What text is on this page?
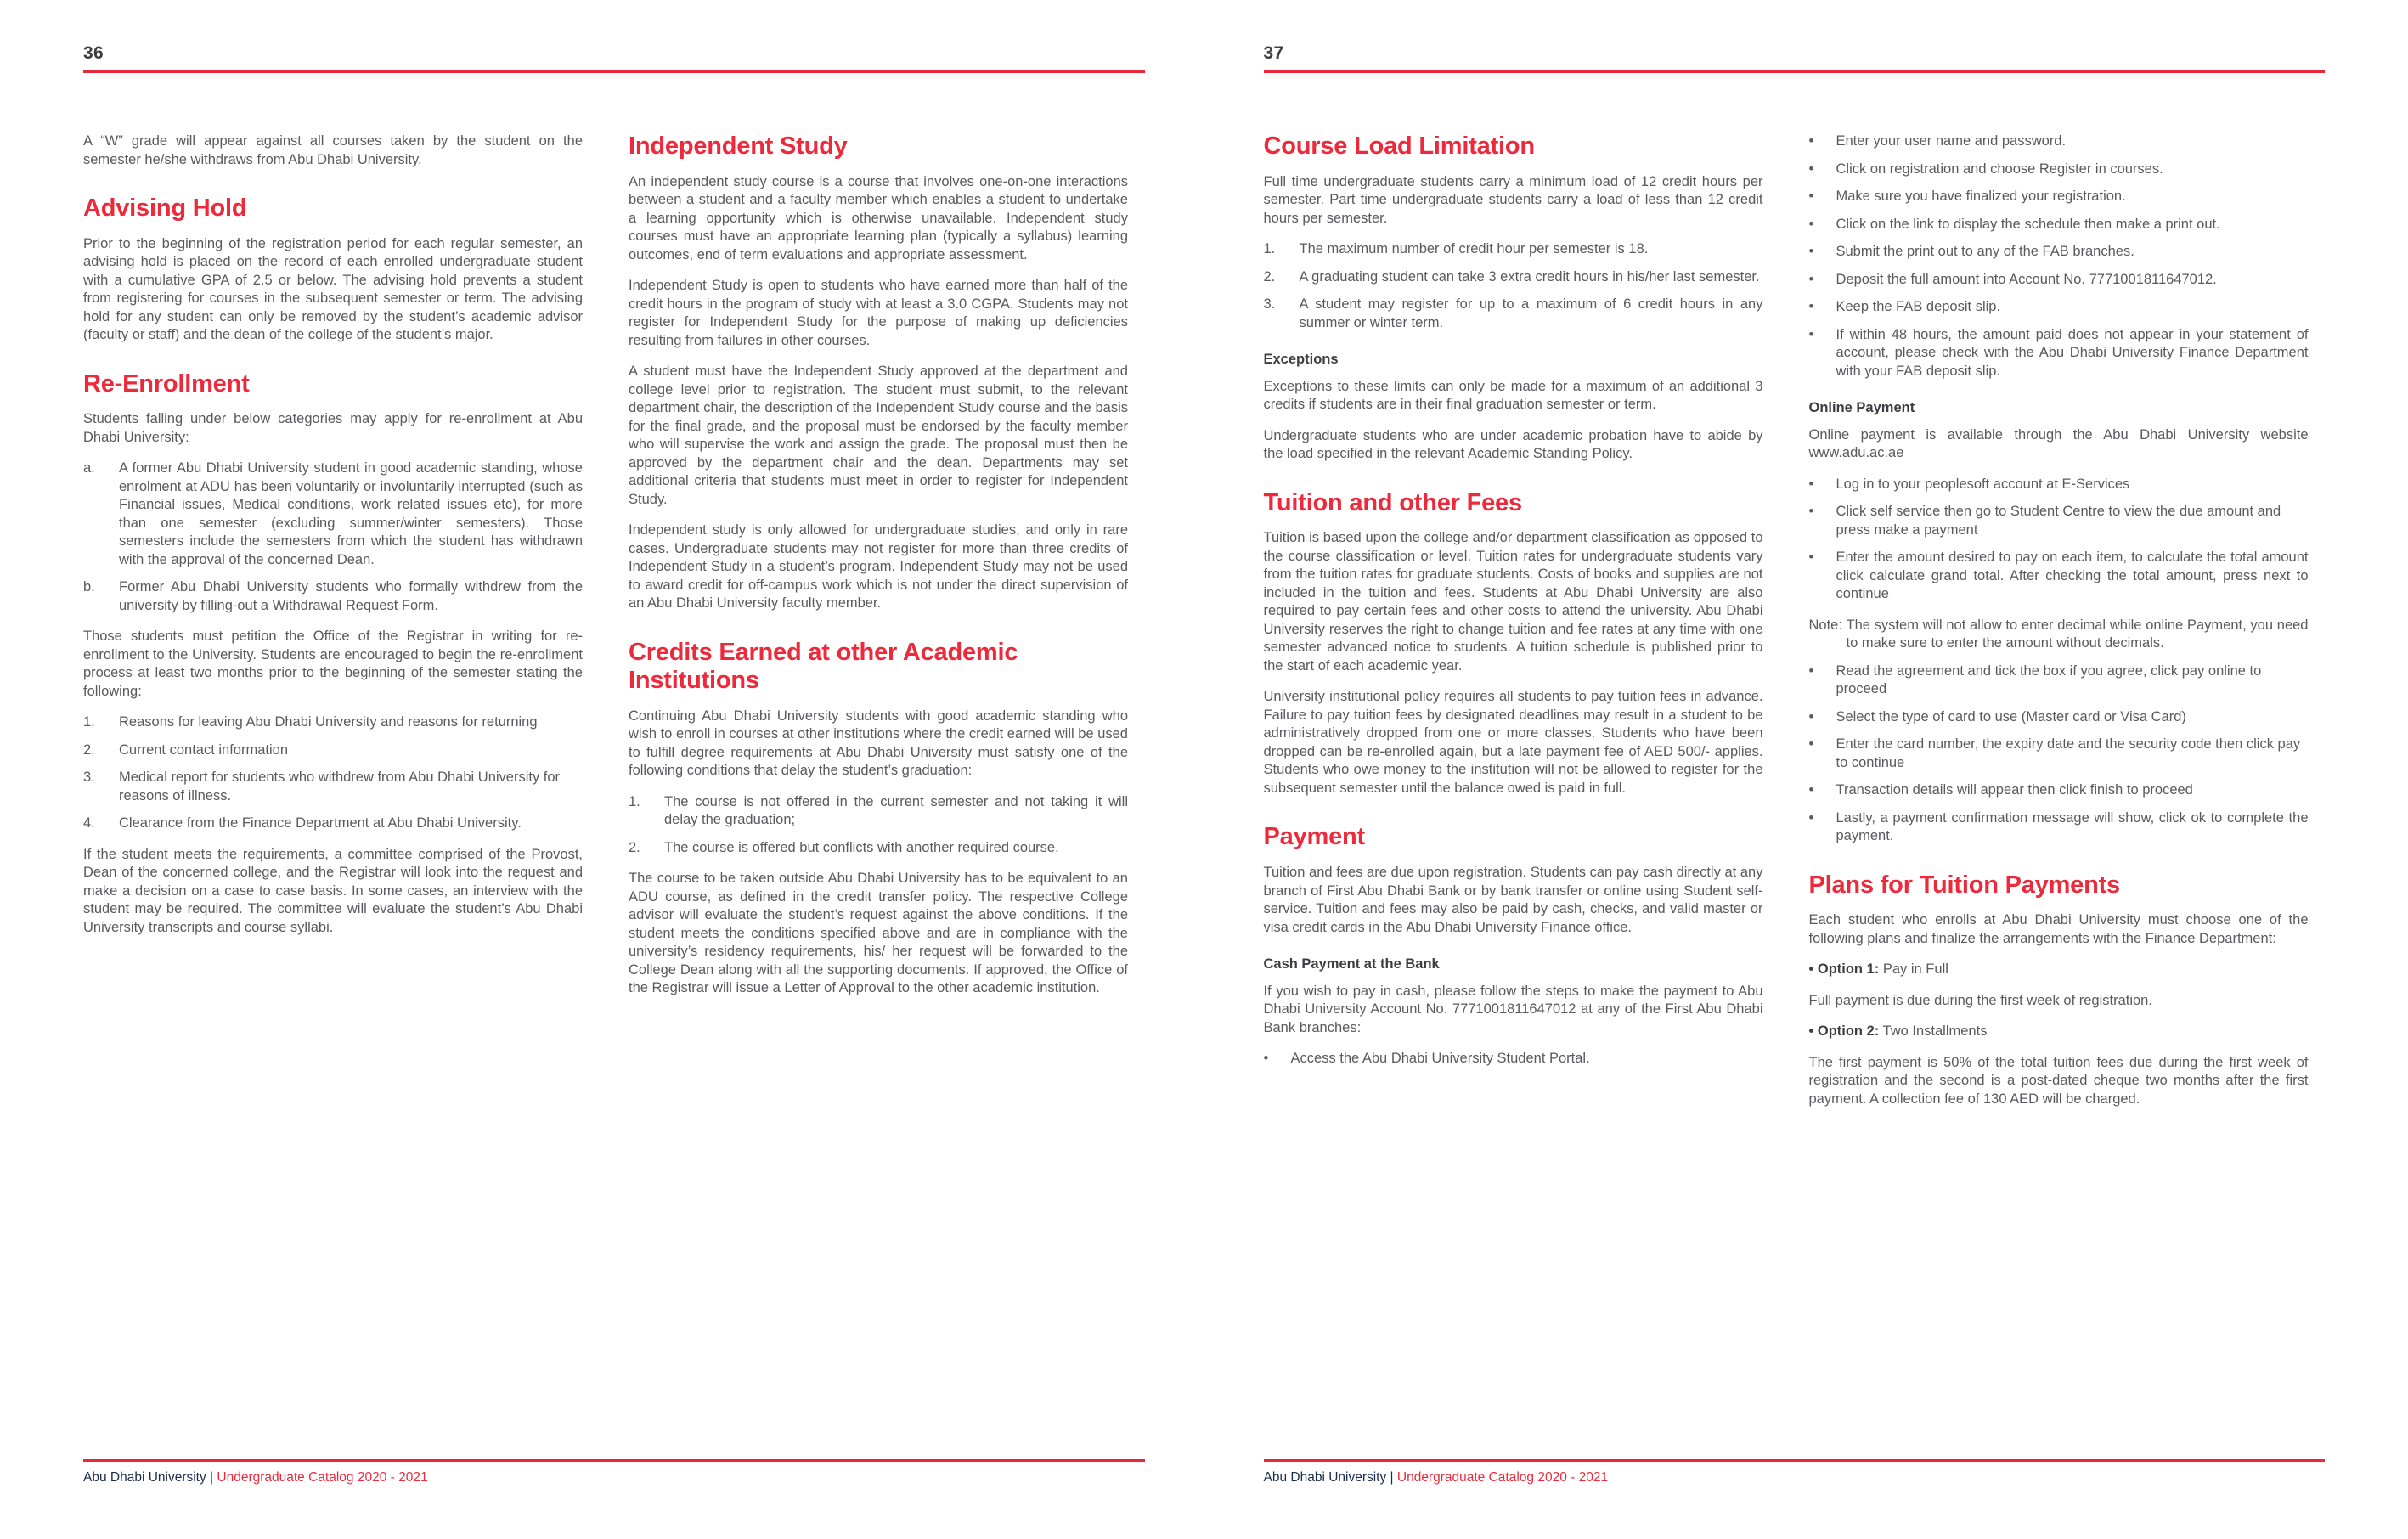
36

A “W” grade will appear against all courses taken by the student on the semester he/she withdraws from Abu Dhabi University.

Advising Hold

Prior to the beginning of the registration period for each regular semester, an advising hold is placed on the record of each enrolled undergraduate student with a cumulative GPA of 2.5 or below. The advising hold prevents a student from registering for courses in the subsequent semester or term. The advising hold for any student can only be removed by the student’s academic advisor (faculty or staff) and the dean of the college of the student’s major.

Re-Enrollment

Students falling under below categories may apply for re-enrollment at Abu Dhabi University:

a.	A former Abu Dhabi University student in good academic standing, whose enrolment at ADU has been voluntarily or involuntarily interrupted (such as Financial issues, Medical conditions, work related issues etc), for more than one semester (excluding summer/winter semesters). Those semesters include the semesters from which the student has withdrawn with the approval of the concerned Dean.
b.	Former Abu Dhabi University students who formally withdrew from the university by filling-out a Withdrawal Request Form.

Those students must petition the Office of the Registrar in writing for re-enrollment to the University. Students are encouraged to begin the re-enrollment process at least two months prior to the beginning of the semester stating the following:

1.	Reasons for leaving Abu Dhabi University and reasons for returning
2.	Current contact information
3.	Medical report for students who withdrew from Abu Dhabi University for reasons of illness.
4.	Clearance from the Finance Department at Abu Dhabi University.

If the student meets the requirements, a committee comprised of the Provost, Dean of the concerned college, and the Registrar will look into the request and make a decision on a case to case basis. In some cases, an interview with the student may be required. The committee will evaluate the student’s Abu Dhabi University transcripts and course syllabi.

Independent Study

An independent study course is a course that involves one-on-one interactions between a student and a faculty member which enables a student to undertake a learning opportunity which is otherwise unavailable. Independent study courses must have an appropriate learning plan (typically a syllabus) learning outcomes, end of term evaluations and appropriate assessment.

Independent Study is open to students who have earned more than half of the credit hours in the program of study with at least a 3.0 CGPA. Students may not register for Independent Study for the purpose of making up deficiencies resulting from failures in other courses.

A student must have the Independent Study approved at the department and college level prior to registration. The student must submit, to the relevant department chair, the description of the Independent Study course and the basis for the final grade, and the proposal must be endorsed by the faculty member who will supervise the work and assign the grade. The proposal must then be approved by the department chair and the dean. Departments may set additional criteria that students must meet in order to register for Independent Study.

Independent study is only allowed for undergraduate studies, and only in rare cases. Undergraduate students may not register for more than three credits of Independent Study in a student’s program. Independent Study may not be used to award credit for off-campus work which is not under the direct supervision of an Abu Dhabi University faculty member.

Credits Earned at other Academic Institutions

Continuing Abu Dhabi University students with good academic standing who wish to enroll in courses at other institutions where the credit earned will be used to fulfill degree requirements at Abu Dhabi University must satisfy one of the following conditions that delay the student’s graduation:

1.	The course is not offered in the current semester and not taking it will delay the graduation;
2.	The course is offered but conflicts with another required course.

The course to be taken outside Abu Dhabi University has to be equivalent to an ADU course, as defined in the credit transfer policy. The respective College advisor will evaluate the student’s request against the above conditions. If the student meets the conditions specified above and are in compliance with the university’s residency requirements, his/ her request will be forwarded to the College Dean along with all the supporting documents. If approved, the Office of the Registrar will issue a Letter of Approval to the other academic institution.

Abu Dhabi University | Undergraduate Catalog 2020 - 2021
37
Course Load Limitation

Full time undergraduate students carry a minimum load of 12 credit hours per semester. Part time undergraduate students carry a load of less than 12 credit hours per semester.

1.	The maximum number of credit hour per semester is 18.
2.	A graduating student can take 3 extra credit hours in his/her last semester.
3.	A student may register for up to a maximum of 6 credit hours in any summer or winter term.
Exceptions

Exceptions to these limits can only be made for a maximum of an additional 3 credits if students are in their final graduation semester or term.

Undergraduate students who are under academic probation have to abide by the load specified in the relevant Academic Standing Policy.

Tuition and other Fees

Tuition is based upon the college and/or department classification as opposed to the course classification or level. Tuition rates for undergraduate students vary from the tuition rates for graduate students. Costs of books and supplies are not included in the tuition and fees. Students at Abu Dhabi University are also required to pay certain fees and other costs to attend the university. Abu Dhabi University reserves the right to change tuition and fee rates at any time with one semester advanced notice to students. A tuition schedule is published prior to the start of each academic year.

University institutional policy requires all students to pay tuition fees in advance. Failure to pay tuition fees by designated deadlines may result in a student to be administratively dropped from one or more classes. Students who have been dropped can be re-enrolled again, but a late payment fee of AED 500/- applies. Students who owe money to the institution will not be allowed to register for the subsequent semester until the balance owed is paid in full.

Payment

Tuition and fees are due upon registration. Students can pay cash directly at any branch of First Abu Dhabi Bank or by bank transfer or online using Student self-service. Tuition and fees may also be paid by cash, checks, and valid master or visa credit cards in the Abu Dhabi University Finance office.

Cash Payment at the Bank

If you wish to pay in cash, please follow the steps to make the payment to Abu Dhabi University Account No. 7771001811647012 at any of the First Abu Dhabi Bank branches:

•	Access the Abu Dhabi University Student Portal.
•	Enter your user name and password.
•	Click on registration and choose Register in courses.
•	Make sure you have finalized your registration.
•	Click on the link to display the schedule then make a print out.
•	Submit the print out to any of the FAB branches.
•	Deposit the full amount into Account No. 7771001811647012.
•	Keep the FAB deposit slip.
•	If within 48 hours, the amount paid does not appear in your statement of account, please check with the Abu Dhabi University Finance Department with your FAB deposit slip.
Online Payment

Online payment is available through the Abu Dhabi University website www.adu.ac.ae

•	Log in to your peoplesoft account at E-Services
•	Click self service then go to Student Centre to view the due amount and press make a payment
•	Enter the amount desired to pay on each item, to calculate the total amount click calculate grand total. After checking the total amount, press next to continue
Note: The system will not allow to enter decimal while online Payment, you need to make sure to enter the amount without decimals.
•	Read the agreement and tick the box if you agree, click pay online to proceed
•	Select the type of card to use (Master card or Visa Card)
•	Enter the card number, the expiry date and the security code then click pay to continue
•	Transaction details will appear then click finish to proceed
•	Lastly, a payment confirmation message will show, click ok to complete the payment.
Plans for Tuition Payments

Each student who enrolls at Abu Dhabi University must choose one of the following plans and finalize the arrangements with the Finance Department:

• Option 1: Pay in Full

Full payment is due during the first week of registration.

• Option 2: Two Installments

The first payment is 50% of the total tuition fees due during the first week of registration and the second is a post-dated cheque two months after the first payment. A collection fee of 130 AED will be charged.

Abu Dhabi University | Undergraduate Catalog 2020 - 2021
